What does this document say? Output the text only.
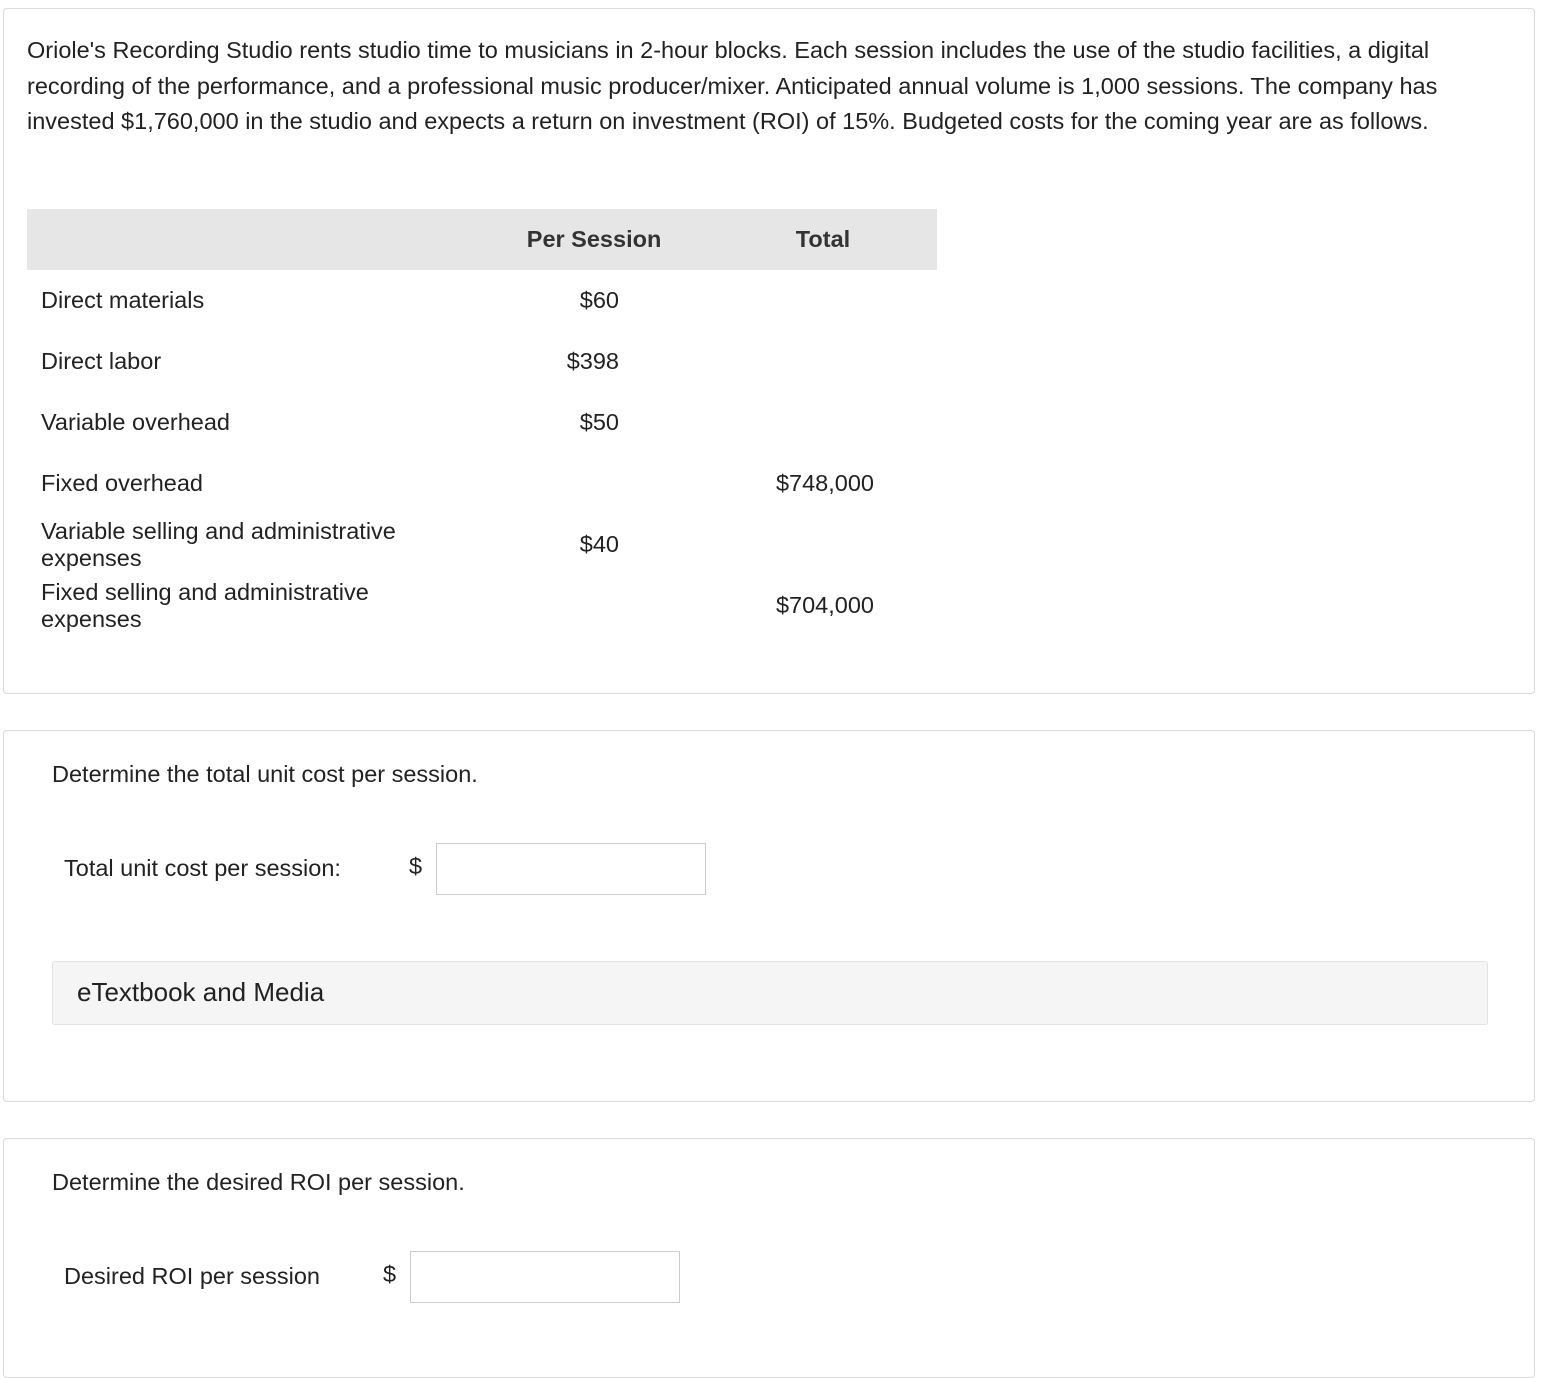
Oriole's Recording Studio rents studio time to musicians in 2-hour blocks. Each session includes the use of the studio facilities, a digital recording of the performance, and a professional music producer/mixer. Anticipated annual volume is 1,000 sessions. The company has invested $1,760,000 in the studio and expects a return on investment (ROI) of 15%. Budgeted costs for the coming year are as follows.
	Per Session	Total
Direct materials	$60	
Direct labor	$398	
Variable overhead	$50	
Fixed overhead		$748,000
Variable selling and administrative expenses	$40	
Fixed selling and administrative expenses		$704,000
Determine the total unit cost per session.
Total unit cost per session:	$
eTextbook and Media
Determine the desired ROI per session.
Desired ROI per session	$
